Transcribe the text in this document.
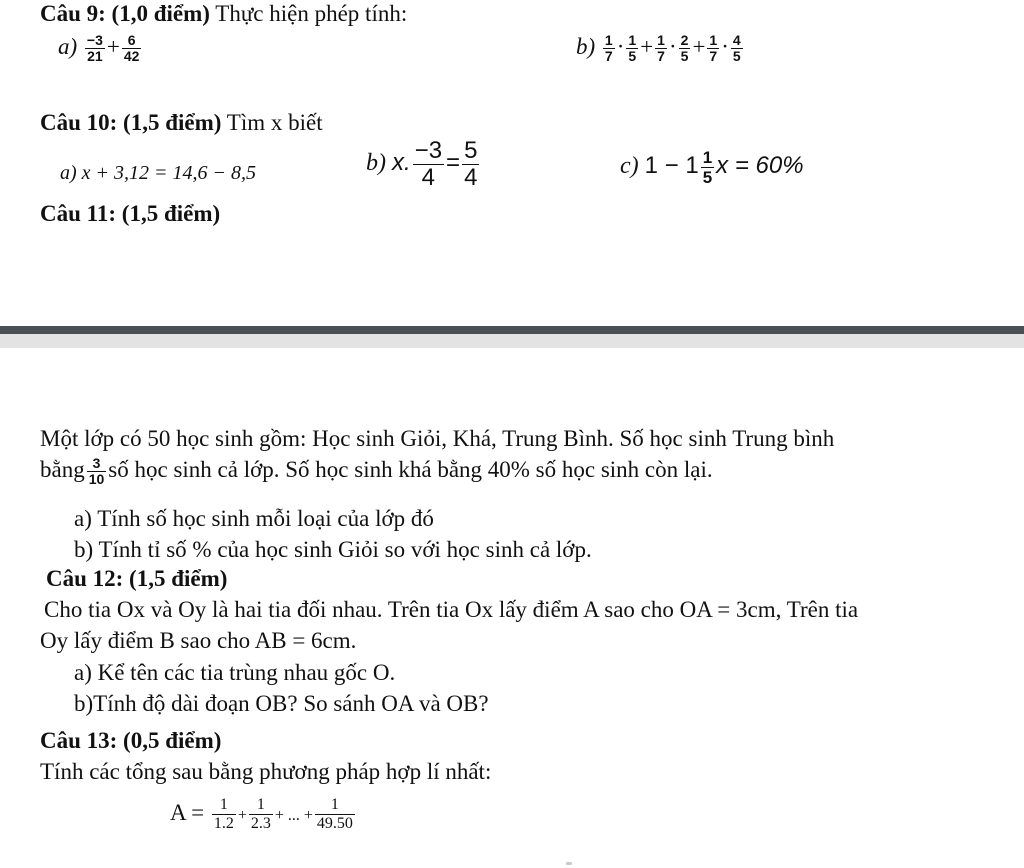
Câu 9: (1,0 điểm) Thực hiện phép tính:
$a) \frac{-3}{21} + \frac{6}{42}$	$b) \frac{1}{7} \cdot \frac{1}{5} + \frac{1}{7} \cdot \frac{2}{5} + \frac{1}{7} \cdot \frac{4}{5}$
Câu 10: (1,5 điểm) Tìm x biết
a) x + 3,12 = 14,6 − 8,5	b) x. $\frac{-3}{4} = \frac{5}{4}$	c) $1 - 1 \frac{1}{5}$ x = 60%
Câu 11: (1,5 điểm)
Một lớp có 50 học sinh gồm: Học sinh Giỏi, Khá, Trung Bình. Số học sinh Trung bình
bằng $\frac{3}{10}$ số học sinh cả lớp. Số học sinh khá bằng 40% số học sinh còn lại.
a) Tính số học sinh mỗi loại của lớp đó
b) Tính tỉ số % của học sinh Giỏi so với học sinh cả lớp.
Câu 12: (1,5 điểm)
Cho tia Ox và Oy là hai tia đối nhau. Trên tia Ox lấy điểm A sao cho OA = 3cm, Trên tia
Oy lấy điểm B sao cho AB = 6cm.
a) Kể tên các tia trùng nhau gốc O.
b)Tính độ dài đoạn OB? So sánh OA và OB?
Câu 13: (0,5 điểm)
Tính các tổng sau bằng phương pháp hợp lí nhất:
$A = \frac{1}{1.2} + \frac{1}{2.3}$ + ... + $\frac{1}{49.50}$
